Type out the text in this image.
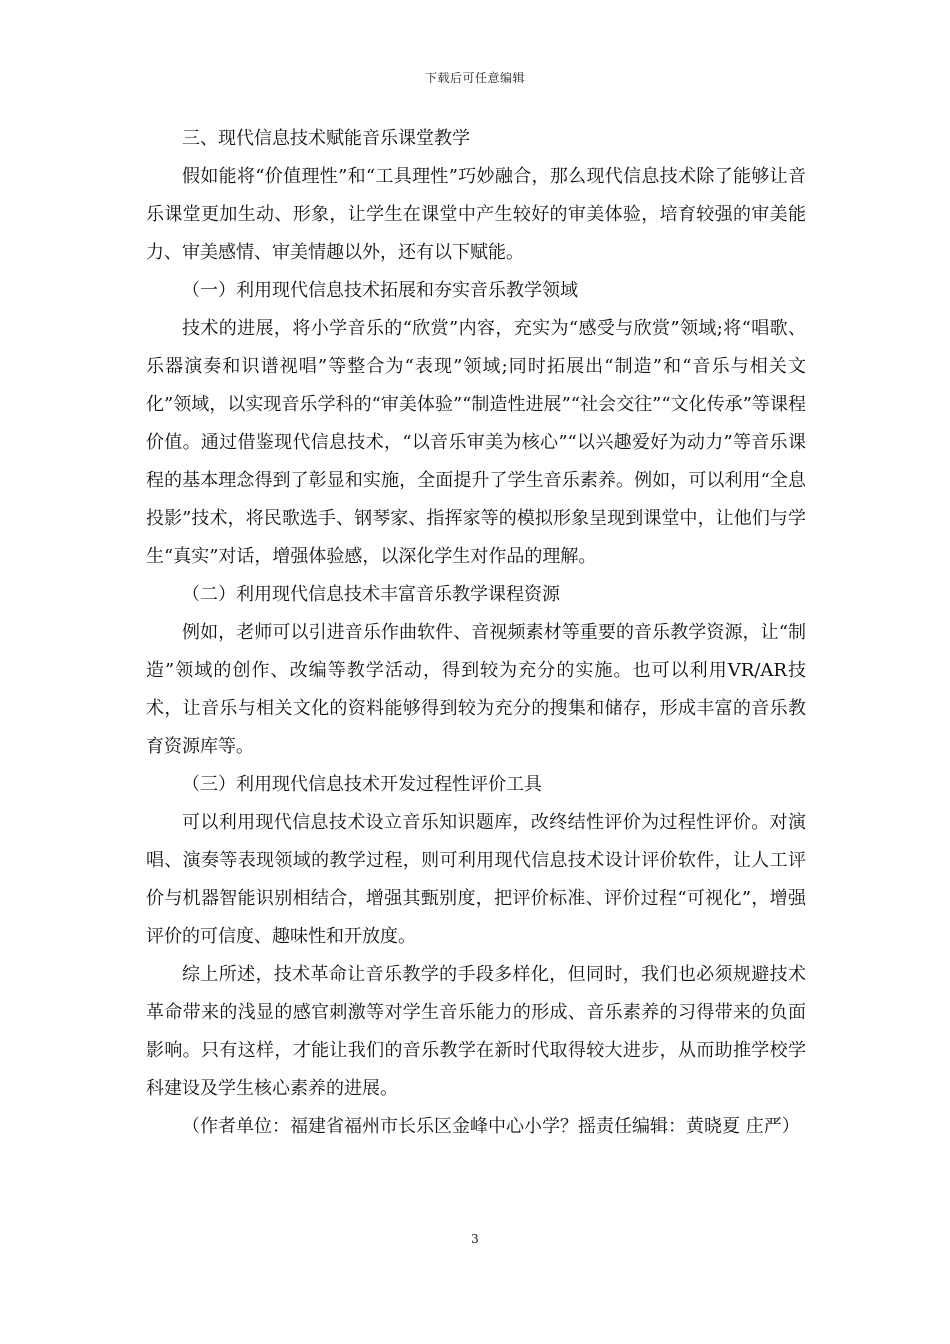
下载后可任意编辑

三、现代信息技术赋能音乐课堂教学

假如能将“价值理性”和“工具理性”巧妙融合，那么现代信息技术除了能够让音乐课堂更加生动、形象，让学生在课堂中产生较好的审美体验，培育较强的审美能力、审美感情、审美情趣以外，还有以下赋能。

（一）利用现代信息技术拓展和夯实音乐教学领域

技术的进展，将小学音乐的“欣赏”内容，充实为“感受与欣赏”领域;将“唱歌、乐器演奏和识谱视唱”等整合为“表现”领域;同时拓展出“制造”和“音乐与相关文化”领域，以实现音乐学科的“审美体验”“制造性进展”“社会交往”“文化传承”等课程价值。通过借鉴现代信息技术，“以音乐审美为核心”“以兴趣爱好为动力”等音乐课程的基本理念得到了彰显和实施，全面提升了学生音乐素养。例如，可以利用“全息投影”技术，将民歌选手、钢琴家、指挥家等的模拟形象呈现到课堂中，让他们与学生“真实”对话，增强体验感，以深化学生对作品的理解。

（二）利用现代信息技术丰富音乐教学课程资源

例如，老师可以引进音乐作曲软件、音视频素材等重要的音乐教学资源，让“制造”领域的创作、改编等教学活动，得到较为充分的实施。也可以利用VR/AR技术，让音乐与相关文化的资料能够得到较为充分的搜集和储存，形成丰富的音乐教育资源库等。

（三）利用现代信息技术开发过程性评价工具

可以利用现代信息技术设立音乐知识题库，改终结性评价为过程性评价。对演唱、演奏等表现领域的教学过程，则可利用现代信息技术设计评价软件，让人工评价与机器智能识别相结合，增强其甄别度，把评价标准、评价过程“可视化”，增强评价的可信度、趣味性和开放度。

综上所述，技术革命让音乐教学的手段多样化，但同时，我们也必须规避技术革命带来的浅显的感官刺激等对学生音乐能力的形成、音乐素养的习得带来的负面影响。只有这样，才能让我们的音乐教学在新时代取得较大进步，从而助推学校学科建设及学生核心素养的进展。

（作者单位：福建省福州市长乐区金峰中心小学？摇责任编辑：黄晓夏 庄严）

3
